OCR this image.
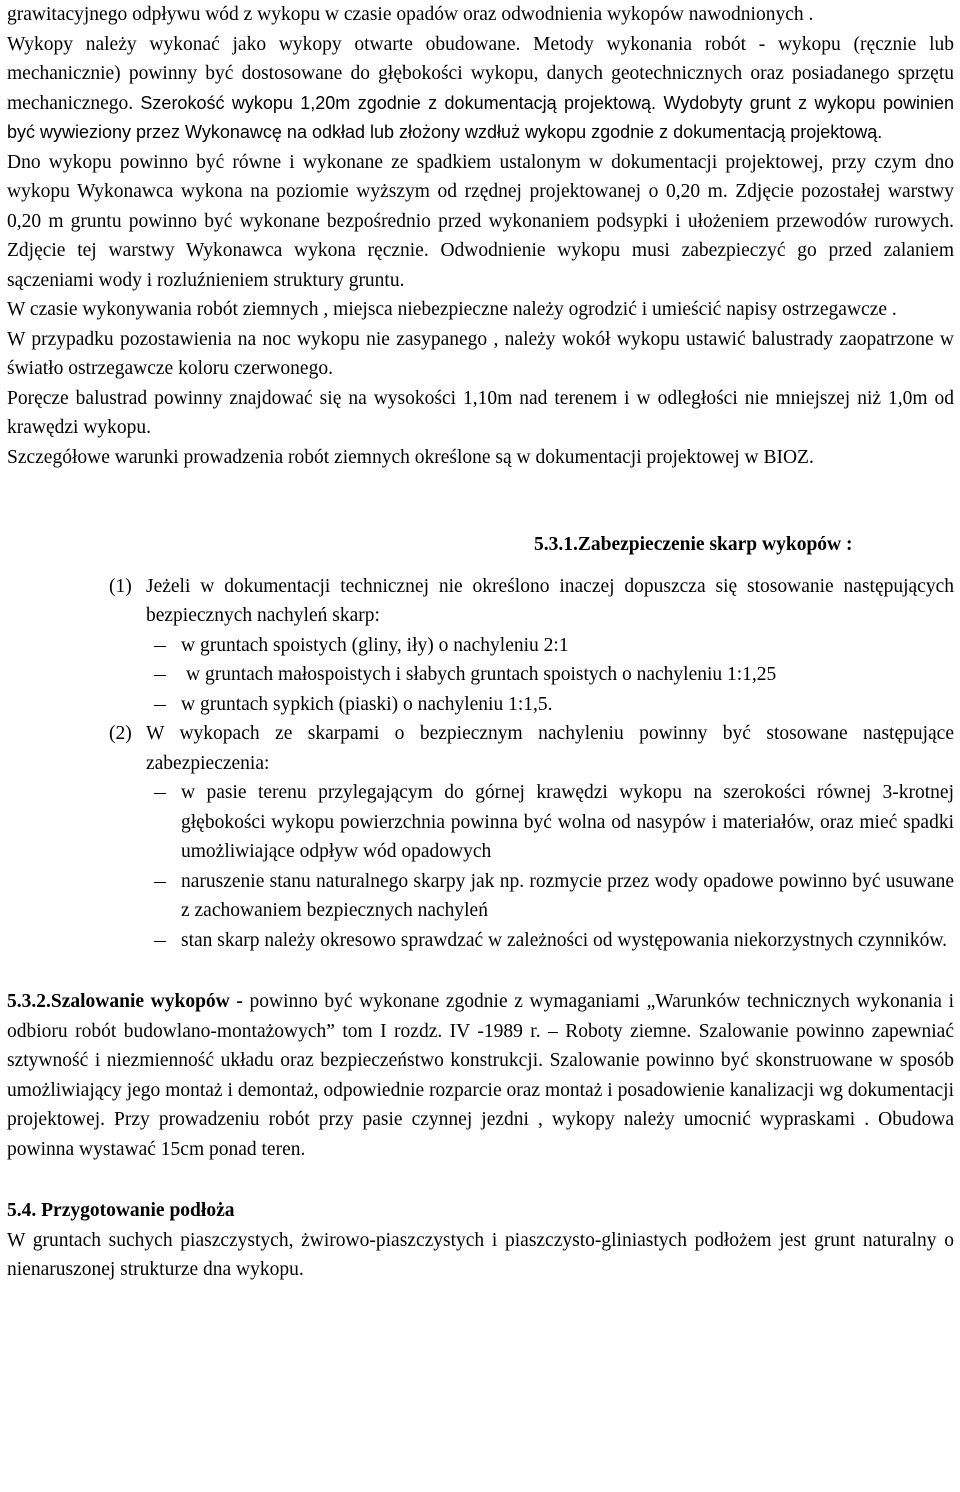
grawitacyjnego odpływu wód z wykopu w czasie opadów oraz odwodnienia wykopów nawodnionych .

Wykopy należy wykonać jako wykopy otwarte obudowane. Metody wykonania robót - wykopu (ręcznie lub mechanicznie) powinny być dostosowane do głębokości wykopu, danych geotechnicznych oraz posiadanego sprzętu mechanicznego. Szerokość wykopu 1,20m zgodnie z dokumentacją projektową. Wydobyty grunt z wykopu powinien być wywieziony przez Wykonawcę na odkład lub złożony wzdłuż wykopu zgodnie z dokumentacją projektową.

Dno wykopu powinno być równe i wykonane ze spadkiem ustalonym w dokumentacji projektowej, przy czym dno wykopu Wykonawca wykona na poziomie wyższym od rzędnej projektowanej o 0,20 m. Zdjęcie pozostałej warstwy 0,20 m gruntu powinno być wykonane bezpośrednio przed wykonaniem podsypki i ułożeniem przewodów rurowych. Zdjęcie tej warstwy Wykonawca wykona ręcznie. Odwodnienie wykopu musi zabezpieczyć go przed zalaniem sączeniami wody i rozluźnieniem struktury gruntu.

W czasie wykonywania robót ziemnych , miejsca niebezpieczne należy ogrodzić i umieścić napisy ostrzegawcze .

W przypadku pozostawienia na noc wykopu nie zasypanego , należy wokół wykopu ustawić balustrady zaopatrzone w światło ostrzegawcze koloru czerwonego.

Poręcze balustrad powinny znajdować się na wysokości 1,10m nad terenem i w odległości nie mniejszej niż 1,0m od krawędzi wykopu.

Szczegółowe warunki prowadzenia robót ziemnych określone są w dokumentacji projektowej w BIOZ.

5.3.1.Zabezpieczenie skarp wykopów :

(1) Jeżeli w dokumentacji technicznej nie określono inaczej dopuszcza się stosowanie następujących bezpiecznych nachyleń skarp:
w gruntach spoistych (gliny, iły) o nachyleniu 2:1
w gruntach małospoistych i słabych gruntach spoistych o nachyleniu 1:1,25
w gruntach sypkich (piaski) o nachyleniu 1:1,5.
(2) W wykopach ze skarpami o bezpiecznym nachyleniu powinny być stosowane następujące zabezpieczenia:
w pasie terenu przylegającym do górnej krawędzi wykopu na szerokości równej 3-krotnej głębokości wykopu powierzchnia powinna być wolna od nasypów i materiałów, oraz mieć spadki umożliwiające odpływ wód opadowych
naruszenie stanu naturalnego skarpy jak np. rozmycie przez wody opadowe powinno być usuwane z zachowaniem bezpiecznych nachyleń
stan skarp należy okresowo sprawdzać w zależności od występowania niekorzystnych czynników.

5.3.2.Szalowanie wykopów - powinno być wykonane zgodnie z wymaganiami „Warunków technicznych wykonania i odbioru robót budowlano-montażowych” tom I rozdz. IV -1989 r. – Roboty ziemne. Szalowanie powinno zapewniać sztywność i niezmienność układu oraz bezpieczeństwo konstrukcji. Szalowanie powinno być skonstruowane w sposób umożliwiający jego montaż i demontaż, odpowiednie rozparcie oraz montaż i posadowienie kanalizacji wg dokumentacji projektowej. Przy prowadzeniu robót przy pasie czynnej jezdni , wykopy należy umocnić wypraskami . Obudowa powinna wystawać 15cm ponad teren.

5.4. Przygotowanie podłoża

W gruntach suchych piaszczystych, żwirowo-piaszczystych i piaszczysto-gliniastych podłożem jest grunt naturalny o nienaruszonej strukturze dna wykopu.
